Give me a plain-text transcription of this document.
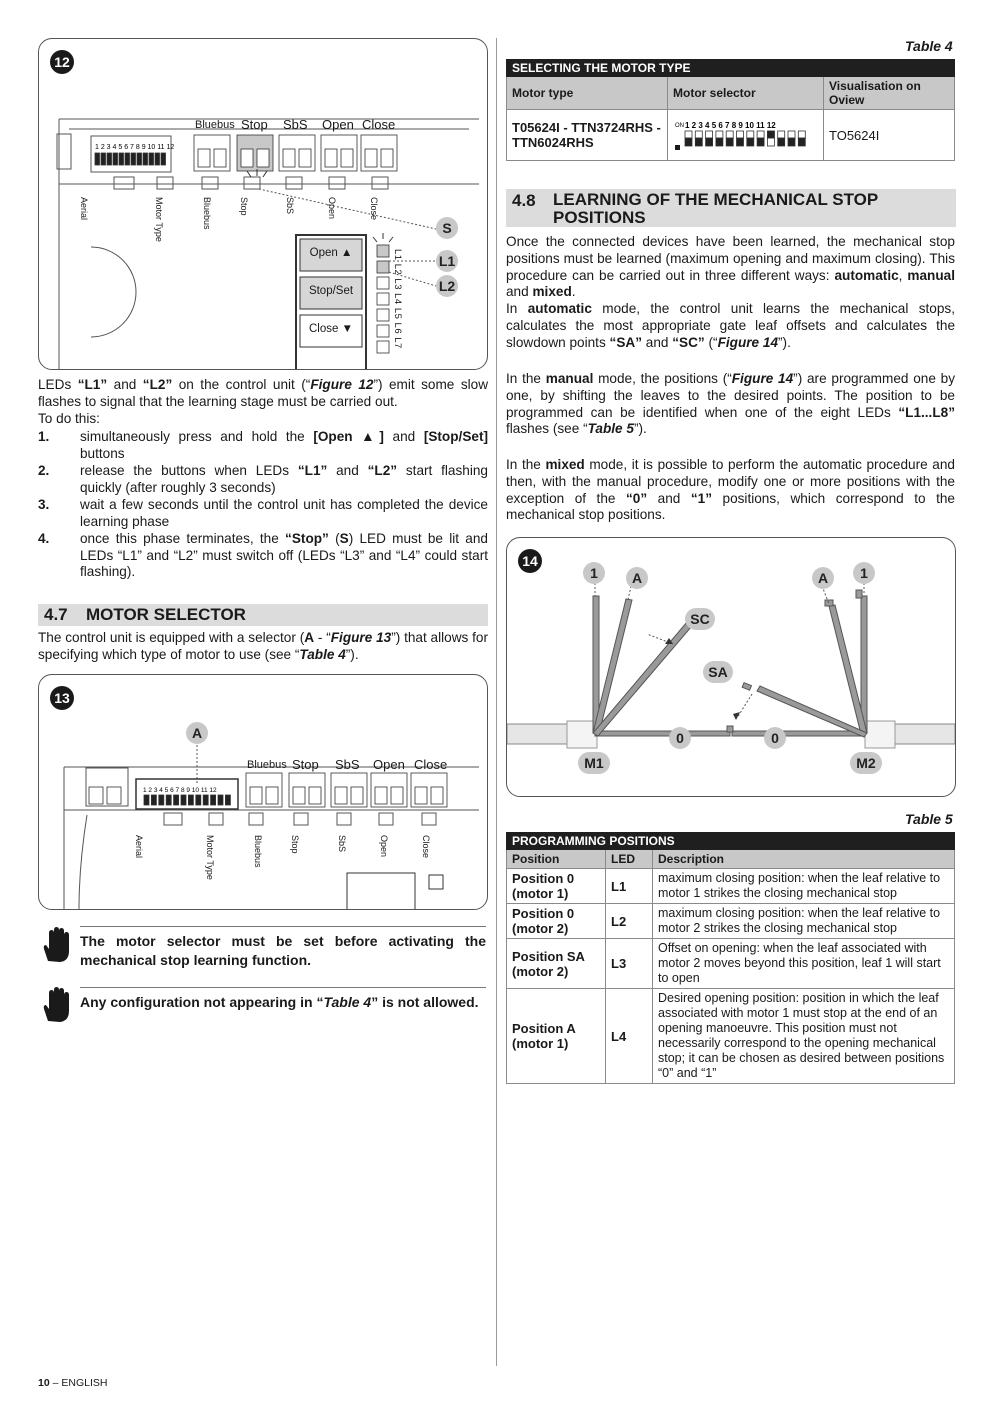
12
1 2 3 4 5 6 7 8 9 10 11 12
Bluebus Stop SbS Open Close
Aerial	Motor Type	Bluebus	Stop	SbS	Open	Close
Open ▲
Stop/Set
Close ▼	L1 L2 L3 L4 L5 L6 L7
S
L1
L2
LEDs “L1” and “L2” on the control unit (“Figure 12”) emit some slow flashes to signal that the learning stage must be carried out.
To do this:
1. simultaneously press and hold the [Open ▲] and [Stop/Set] buttons
2. release the buttons when LEDs “L1” and “L2” start flashing quickly (after roughly 3 seconds)
3. wait a few seconds until the control unit has completed the device learning phase
4. once this phase terminates, the “Stop” (S) LED must be lit and LEDs “L1” and “L2” must switch off (LEDs “L3” and “L4” could start flashing).
4.7 MOTOR SELECTOR
The control unit is equipped with a selector (A - “Figure 13”) that allows for specifying which type of motor to use (see “Table 4”).
13
A
1 2 3 4 5 6 7 8 9 10 11 12
Bluebus Stop SbS Open Close
Aerial	Motor Type	Bluebus	Stop	SbS	Open	Close
The motor selector must be set before activating the mechanical stop learning function.
Any configuration not appearing in “Table 4” is not allowed.
Table 4
SELECTING THE MOTOR TYPE		
Motor type	Motor selector	Visualisation on Oview
T05624I - TTN3724RHS - TTN6024RHS	ON 1 2 3 4 5 6 7 8 9 10 11 12	TO5624I
4.8 LEARNING OF THE MECHANICAL STOP POSITIONS
Once the connected devices have been learned, the mechanical stop positions must be learned (maximum opening and maximum closing). This procedure can be carried out in three different ways: automatic, manual and mixed.
In automatic mode, the control unit learns the mechanical stops, calculates the most appropriate gate leaf offsets and calculates the slowdown points “SA” and “SC” (“Figure 14”).
In the manual mode, the positions (“Figure 14”) are programmed one by one, by shifting the leaves to the desired points. The position to be programmed can be identified when one of the eight LEDs “L1...L8” flashes (see “Table 5”).
In the mixed mode, it is possible to perform the automatic procedure and then, with the manual procedure, modify one or more positions with the exception of the “0” and “1” positions, which correspond to the mechanical stop positions.
14
1	A
SC
SA
A	1
0	0
M1	M2
Table 5
PROGRAMMING POSITIONS		
Position	LED	Description
Position 0 (motor 1)	L1	maximum closing position: when the leaf relative to motor 1 strikes the closing mechanical stop
Position 0 (motor 2)	L2	maximum closing position: when the leaf relative to motor 2 strikes the closing mechanical stop
Position SA (motor 2)	L3	Offset on opening: when the leaf associated with motor 2 moves beyond this position, leaf 1 will start to open
Position A (motor 1)	L4	Desired opening position: position in which the leaf associated with motor 1 must stop at the end of an opening manoeuvre. This position must not necessarily correspond to the opening mechanical stop; it can be chosen as desired between positions “0” and “1”
10 – ENGLISH
